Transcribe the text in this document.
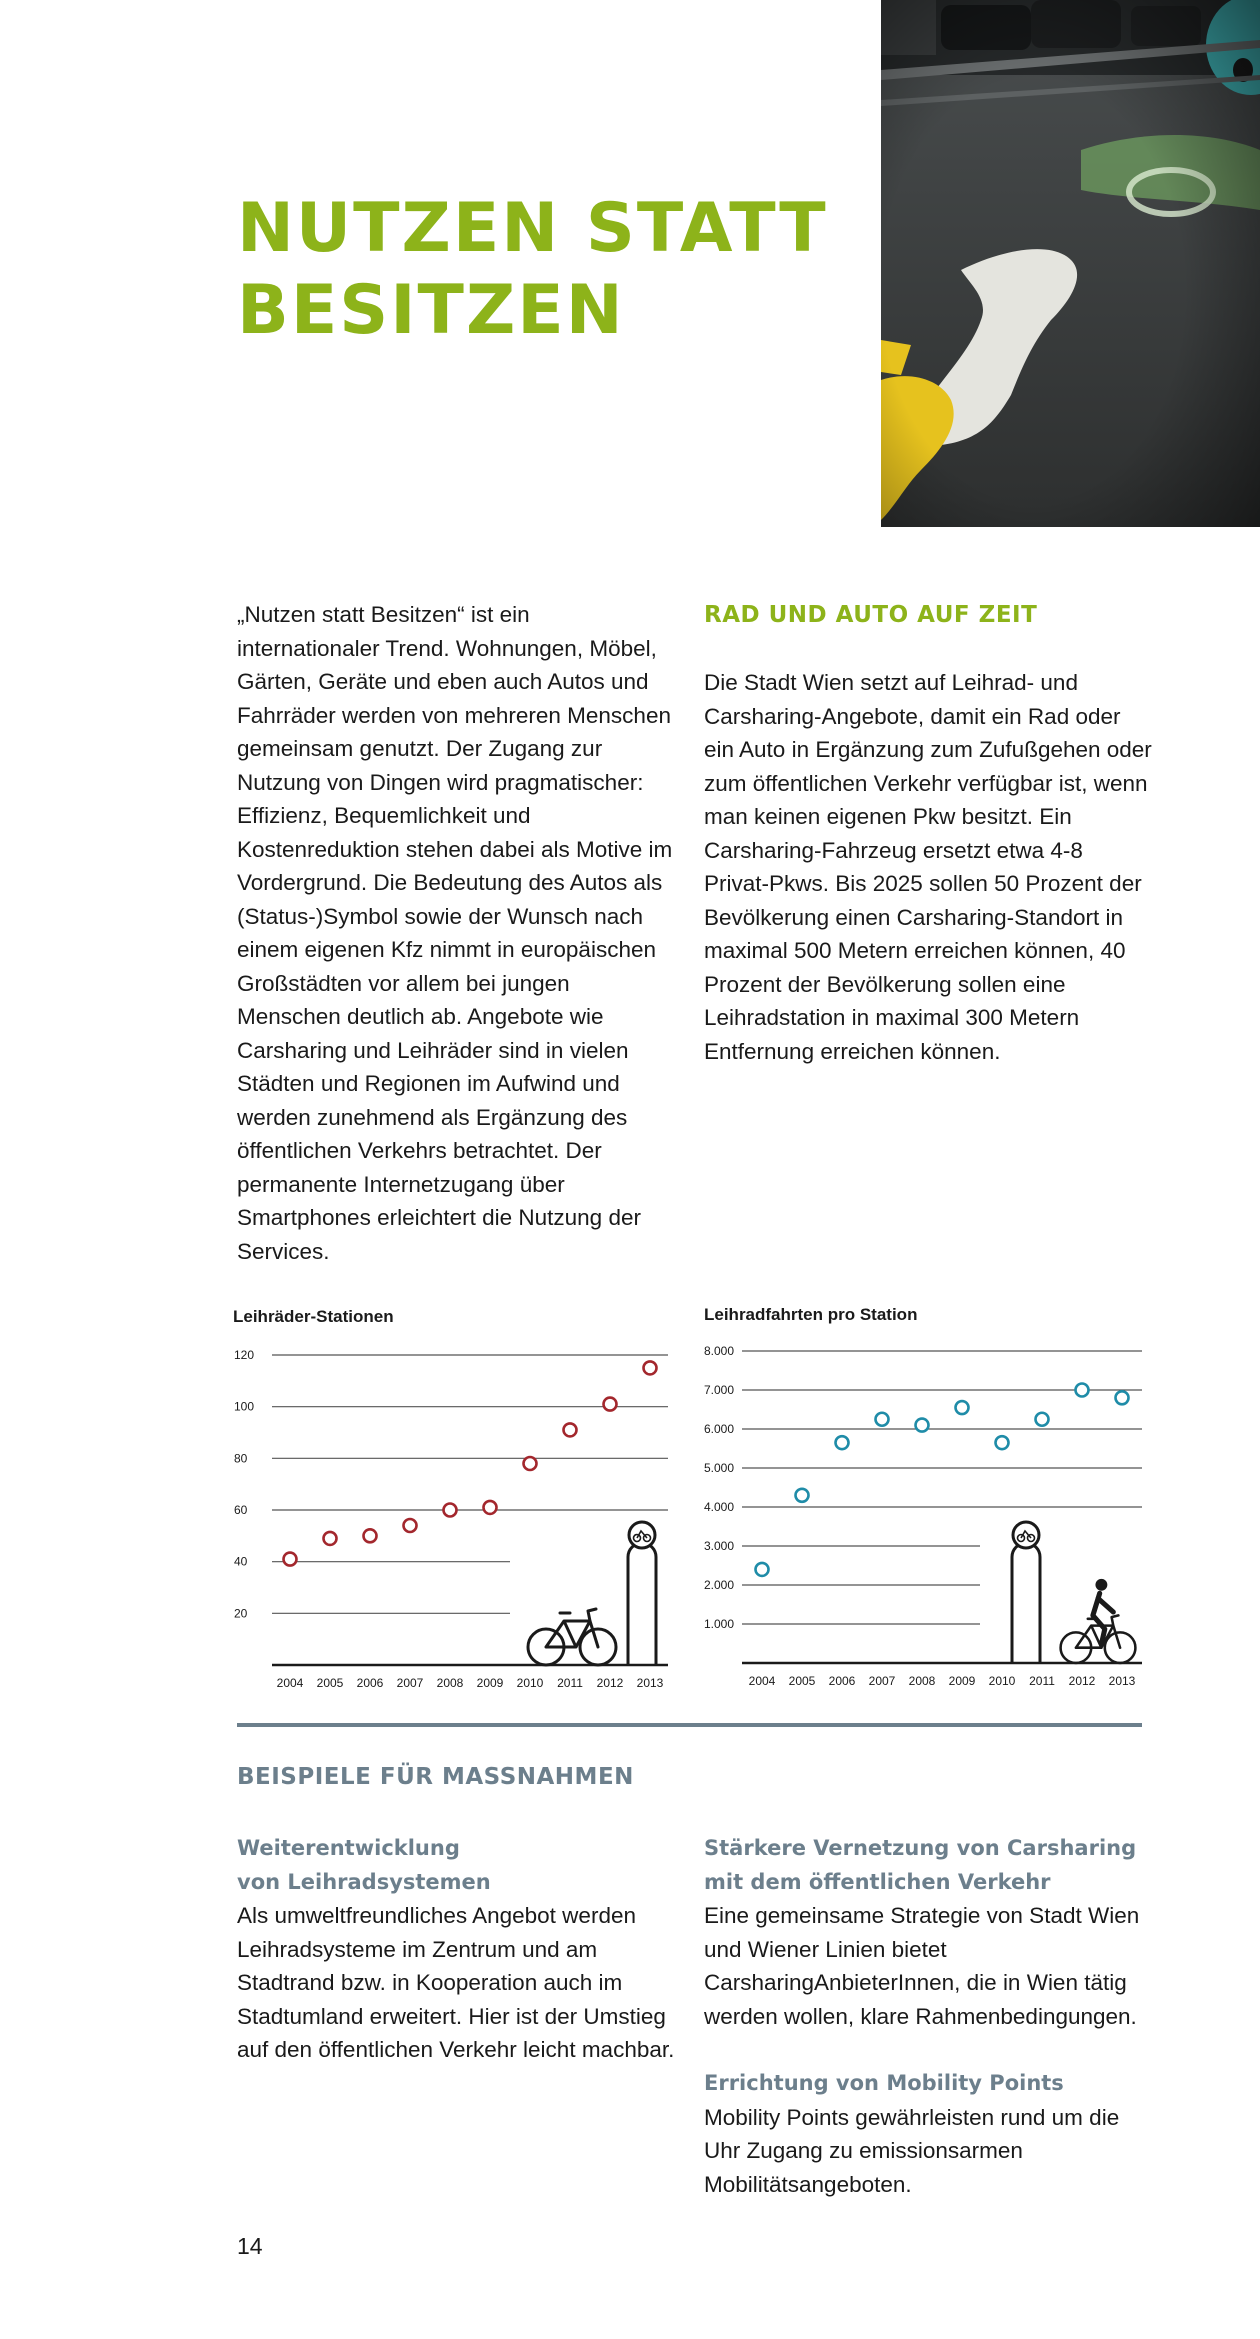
NUTZEN STATT
BESITZEN

„Nutzen statt Besitzen“ ist ein internationaler Trend. Wohnungen, Möbel, Gärten, Geräte und eben auch Autos und Fahrräder werden von mehreren Menschen gemeinsam genutzt. Der Zugang zur Nutzung von Dingen wird pragmatischer: Effizienz, Bequemlichkeit und Kostenreduktion stehen dabei als Motive im Vordergrund. Die Bedeutung des Autos als (Status-)Symbol sowie der Wunsch nach einem eigenen Kfz nimmt in europäischen Großstädten vor allem bei jungen Menschen deutlich ab. Angebote wie Carsharing und Leihräder sind in vielen Städten und Regionen im Aufwind und werden zunehmend als Ergänzung des öffentlichen Verkehrs betrachtet. Der permanente Internetzugang über Smartphones erleichtert die Nutzung der Services.

RAD UND AUTO AUF ZEIT

Die Stadt Wien setzt auf Leihrad- und Carsharing-Angebote, damit ein Rad oder ein Auto in Ergänzung zum Zufußgehen oder zum öffentlichen Verkehr verfügbar ist, wenn man keinen eigenen Pkw besitzt. Ein Carsharing-Fahrzeug ersetzt etwa 4-8 Privat-Pkws. Bis 2025 sollen 50 Prozent der Bevölkerung einen Carsharing-Standort in maximal 500 Metern erreichen können, 40 Prozent der Bevölkerung sollen eine Leihradstation in maximal 300 Metern Entfernung erreichen können.

Leihräder-Stationen
20
40
60
80
100
120
2004 2005 2006 2007 2008 2009 2010 2011 2012 2013
Leihradfahrten pro Station
1.000
2.000
3.000
4.000
5.000
6.000
7.000
8.000
2004 2005 2006 2007 2008 2009 2010 2011 2012 2013
BEISPIELE FÜR MASSNAHMEN
Weiterentwicklung
von Leihradsystemen

Als umweltfreundliches Angebot werden Leihradsysteme im Zentrum und am Stadtrand bzw. in Kooperation auch im Stadtumland erweitert. Hier ist der Umstieg auf den öffentlichen Verkehr leicht machbar.

Stärkere Vernetzung von Carsharing
mit dem öffentlichen Verkehr

Eine gemeinsame Strategie von Stadt Wien und Wiener Linien bietet CarsharingAnbieterInnen, die in Wien tätig werden wollen, klare Rahmenbedingungen.

Errichtung von Mobility Points

Mobility Points gewährleisten rund um die Uhr Zugang zu emissionsarmen Mobilitätsangeboten.

14
